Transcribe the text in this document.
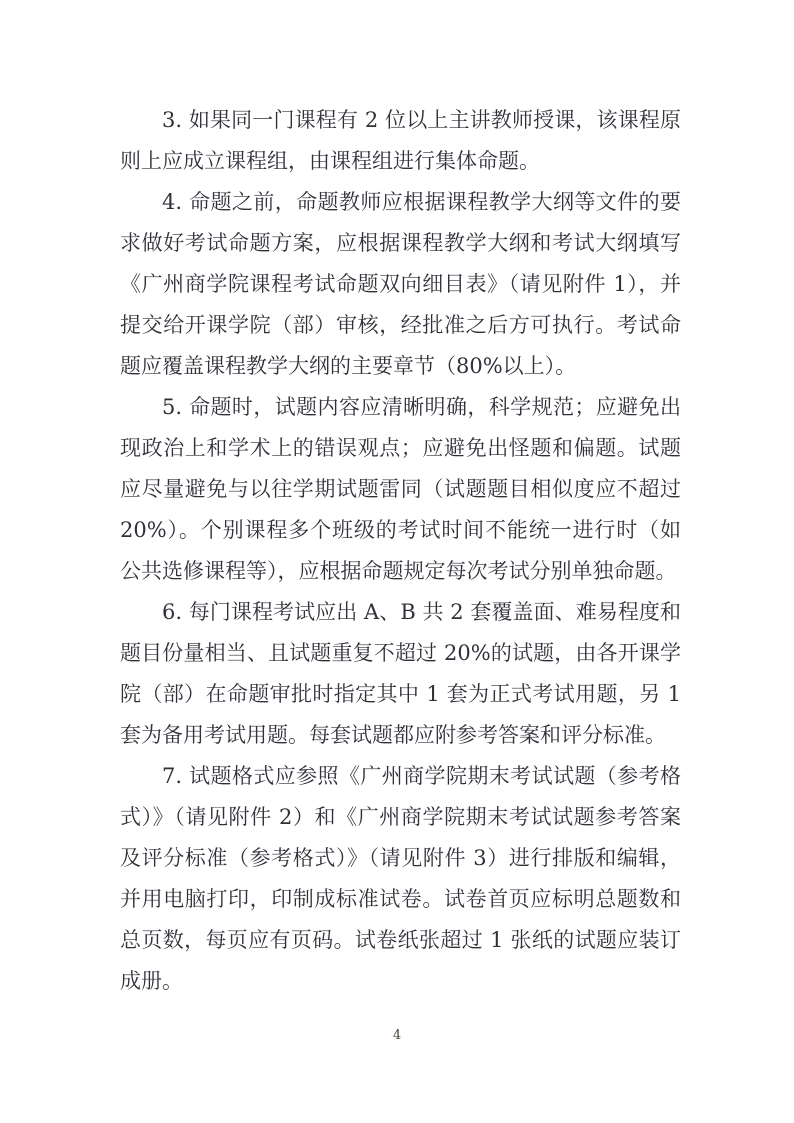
3. 如果同一门课程有 2 位以上主讲教师授课，该课程原则上应成立课程组，由课程组进行集体命题。

4. 命题之前，命题教师应根据课程教学大纲等文件的要求做好考试命题方案，应根据课程教学大纲和考试大纲填写《广州商学院课程考试命题双向细目表》（请见附件 1），并提交给开课学院（部）审核，经批准之后方可执行。考试命题应覆盖课程教学大纲的主要章节（80%以上）。

5. 命题时，试题内容应清晰明确，科学规范；应避免出现政治上和学术上的错误观点；应避免出怪题和偏题。试题应尽量避免与以往学期试题雷同（试题题目相似度应不超过 20%）。个别课程多个班级的考试时间不能统一进行时（如公共选修课程等），应根据命题规定每次考试分别单独命题。

6. 每门课程考试应出 A、B 共 2 套覆盖面、难易程度和题目份量相当、且试题重复不超过 20%的试题，由各开课学院（部）在命题审批时指定其中 1 套为正式考试用题，另 1 套为备用考试用题。每套试题都应附参考答案和评分标准。

7. 试题格式应参照《广州商学院期末考试试题（参考格式）》（请见附件 2）和《广州商学院期末考试试题参考答案及评分标准（参考格式）》（请见附件 3）进行排版和编辑，并用电脑打印，印制成标准试卷。试卷首页应标明总题数和总页数，每页应有页码。试卷纸张超过 1 张纸的试题应装订成册。

4
